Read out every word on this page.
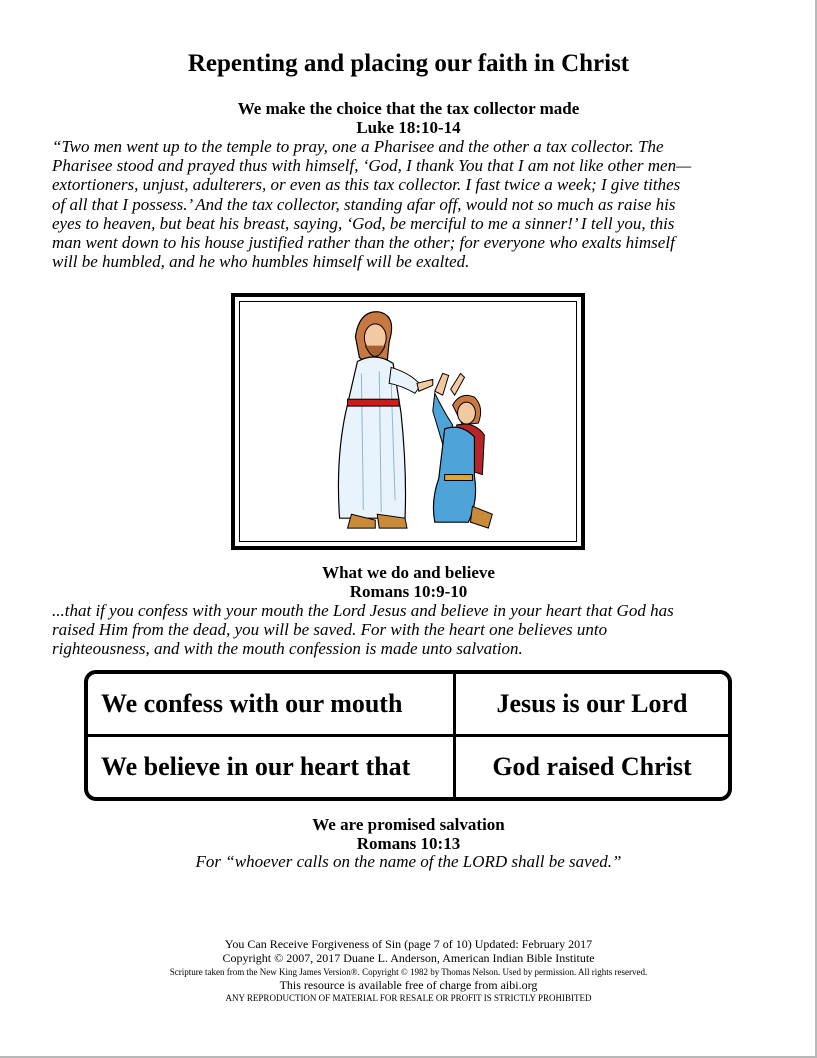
Repenting and placing our faith in Christ
We make the choice that the tax collector made
Luke 18:10-14

“Two men went up to the temple to pray, one a Pharisee and the other a tax collector. The

Pharisee stood and prayed thus with himself, ‘God, I thank You that I am not like other men—

extortioners, unjust, adulterers, or even as this tax collector. I fast twice a week; I give tithes

of all that I possess.’ And the tax collector, standing afar off, would not so much as raise his

eyes to heaven, but beat his breast, saying, ‘God, be merciful to me a sinner!’ I tell you, this

man went down to his house justified rather than the other; for everyone who exalts himself

will be humbled, and he who humbles himself will be exalted.

What we do and believe
Romans 10:9-10

...that if you confess with your mouth the Lord Jesus and believe in your heart that God has

raised Him from the dead, you will be saved. For with the heart one believes unto

righteousness, and with the mouth confession is made unto salvation.

We confess with our mouth	Jesus is our Lord
We believe in our heart that	God raised Christ
We are promised salvation
Romans 10:13
For “whoever calls on the name of the LORD shall be saved.”
You Can Receive Forgiveness of Sin (page 7 of 10) Updated: February 2017
Copyright © 2007, 2017 Duane L. Anderson, American Indian Bible Institute
Scripture taken from the New King James Version®. Copyright © 1982 by Thomas Nelson. Used by permission. All rights reserved.
This resource is available free of charge from aibi.org
ANY REPRODUCTION OF MATERIAL FOR RESALE OR PROFIT IS STRICTLY PROHIBITED
